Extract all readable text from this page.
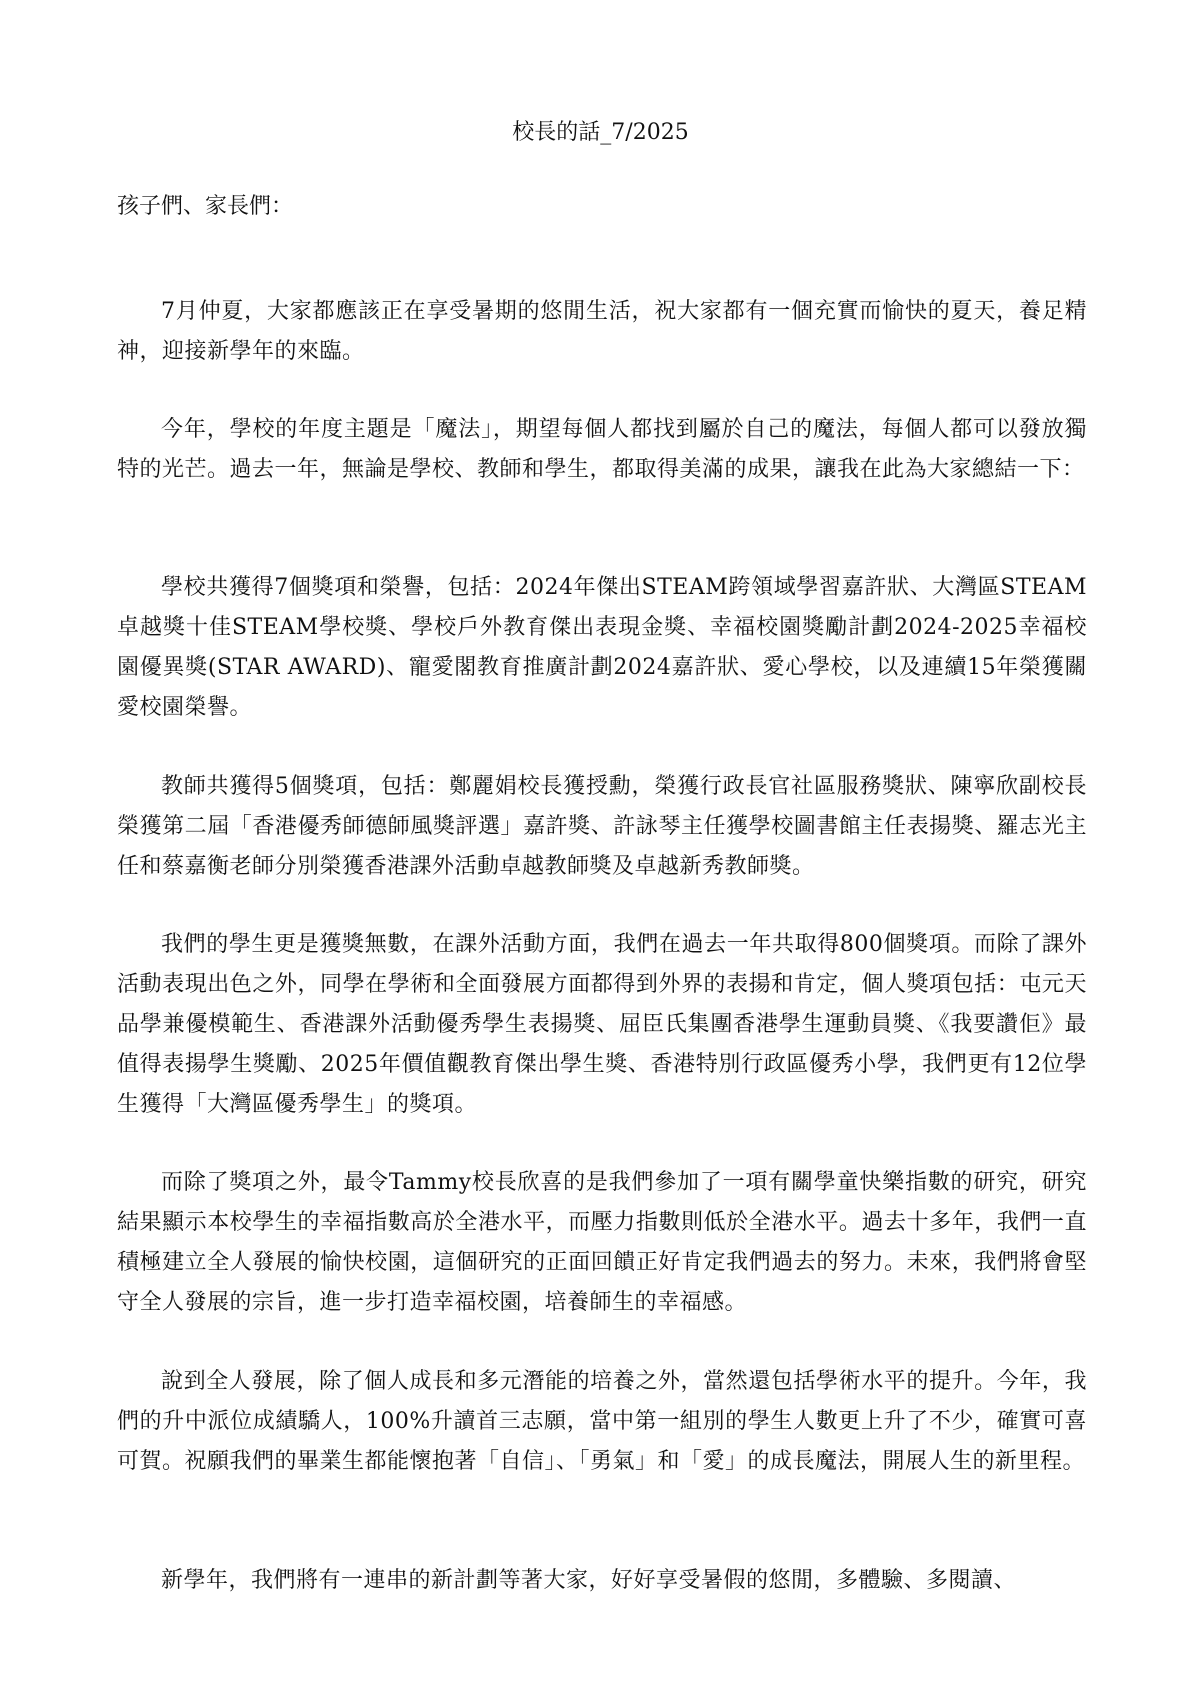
校長的話_7/2025
孩子們、家長們：

7月仲夏，大家都應該正在享受暑期的悠閒生活，祝大家都有一個充實而愉快的夏天，養足精神，迎接新學年的來臨。

今年，學校的年度主題是「魔法」，期望每個人都找到屬於自己的魔法，每個人都可以發放獨特的光芒。過去一年，無論是學校、教師和學生，都取得美滿的成果，讓我在此為大家總結一下：

學校共獲得7個獎項和榮譽，包括：2024年傑出STEAM跨領域學習嘉許狀、大灣區STEAM卓越獎十佳STEAM學校獎、學校戶外教育傑出表現金獎、幸福校園獎勵計劃2024-2025幸福校園優異獎(STAR AWARD)、寵愛閣教育推廣計劃2024嘉許狀、愛心學校，以及連續15年榮獲關愛校園榮譽。

教師共獲得5個獎項，包括：鄭麗娟校長獲授勳，榮獲行政長官社區服務獎狀、陳寧欣副校長榮獲第二屆「香港優秀師德師風獎評選」嘉許獎、許詠琴主任獲學校圖書館主任表揚獎、羅志光主任和蔡嘉衡老師分別榮獲香港課外活動卓越教師獎及卓越新秀教師獎。

我們的學生更是獲獎無數，在課外活動方面，我們在過去一年共取得800個獎項。而除了課外活動表現出色之外，同學在學術和全面發展方面都得到外界的表揚和肯定，個人獎項包括：屯元天品學兼優模範生、香港課外活動優秀學生表揚獎、屈臣氏集團香港學生運動員獎、《我要讚佢》最值得表揚學生獎勵、2025年價值觀教育傑出學生獎、香港特別行政區優秀小學，我們更有12位學生獲得「大灣區優秀學生」的獎項。

而除了獎項之外，最令Tammy校長欣喜的是我們參加了一項有關學童快樂指數的研究，研究結果顯示本校學生的幸福指數高於全港水平，而壓力指數則低於全港水平。過去十多年，我們一直積極建立全人發展的愉快校園，這個研究的正面回饋正好肯定我們過去的努力。未來，我們將會堅守全人發展的宗旨，進一步打造幸福校園，培養師生的幸福感。

說到全人發展，除了個人成長和多元潛能的培養之外，當然還包括學術水平的提升。今年，我們的升中派位成績驕人，100%升讀首三志願，當中第一組別的學生人數更上升了不少，確實可喜可賀。祝願我們的畢業生都能懷抱著「自信」、「勇氣」和「愛」的成長魔法，開展人生的新里程。

新學年，我們將有一連串的新計劃等著大家，好好享受暑假的悠閒，多體驗、多閱讀、
